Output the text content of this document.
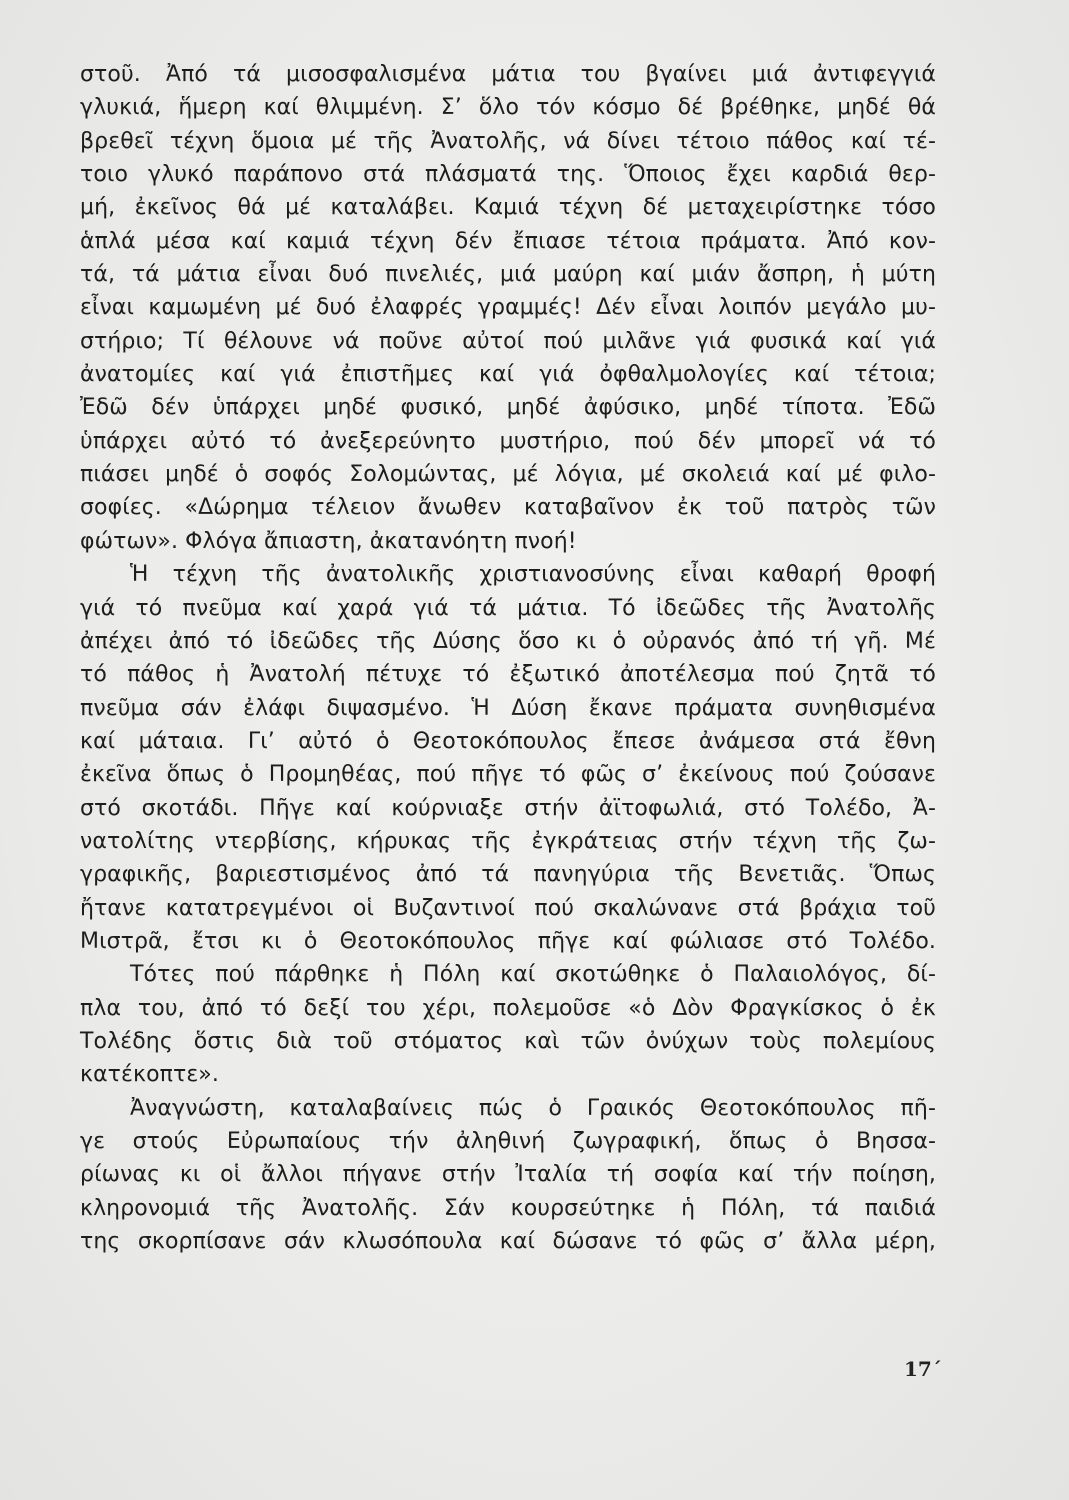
στοῦ. Ἀπό τά μισοσφαλισμένα μάτια του βγαίνει μιά ἀντιφεγγιά
γλυκιά, ἥμερη καί θλιμμένη. Σ’ ὅλο τόν κόσμο δέ βρέθηκε, μηδέ θά
βρεθεῖ τέχνη ὅμοια μέ τῆς Ἀνατολῆς, νά δίνει τέτοιο πάθος καί τέ-
τοιο γλυκό παράπονο στά πλάσματά της. Ὅποιος ἔχει καρδιά θερ-
μή, ἐκεῖνος θά μέ καταλάβει. Καμιά τέχνη δέ μεταχειρίστηκε τόσο
ἁπλά μέσα καί καμιά τέχνη δέν ἔπιασε τέτοια πράματα. Ἀπό κον-
τά, τά μάτια εἶναι δυό πινελιές, μιά μαύρη καί μιάν ἄσπρη, ἡ μύτη
εἶναι καμωμένη μέ δυό ἐλαφρές γραμμές! Δέν εἶναι λοιπόν μεγάλο μυ-
στήριο; Τί θέλουνε νά ποῦνε αὐτοί πού μιλᾶνε γιά φυσικά καί γιά
ἀνατομίες καί γιά ἐπιστῆμες καί γιά ὀφθαλμολογίες καί τέτοια;
Ἐδῶ δέν ὑπάρχει μηδέ φυσικό, μηδέ ἀφύσικο, μηδέ τίποτα. Ἐδῶ
ὑπάρχει αὐτό τό ἀνεξερεύνητο μυστήριο, πού δέν μπορεῖ νά τό
πιάσει μηδέ ὁ σοφός Σολομώντας, μέ λόγια, μέ σκολειά καί μέ φιλο-
σοφίες. «Δώρημα τέλειον ἄνωθεν καταβαῖνον ἐκ τοῦ πατρὸς τῶν
φώτων». Φλόγα ἄπιαστη, ἀκατανόητη πνοή!
Ἡ τέχνη τῆς ἀνατολικῆς χριστιανοσύνης εἶναι καθαρή θροφή
γιά τό πνεῦμα καί χαρά γιά τά μάτια. Τό ἰδεῶδες τῆς Ἀνατολῆς
ἀπέχει ἀπό τό ἰδεῶδες τῆς Δύσης ὅσο κι ὁ οὐρανός ἀπό τή γῆ. Μέ
τό πάθος ἡ Ἀνατολή πέτυχε τό ἐξωτικό ἀποτέλεσμα πού ζητᾶ τό
πνεῦμα σάν ἐλάφι διψασμένο. Ἡ Δύση ἔκανε πράματα συνηθισμένα
καί μάταια. Γι’ αὐτό ὁ Θεοτοκόπουλος ἔπεσε ἀνάμεσα στά ἔθνη
ἐκεῖνα ὅπως ὁ Προμηθέας, πού πῆγε τό φῶς σ’ ἐκείνους πού ζούσανε
στό σκοτάδι. Πῆγε καί κούρνιαξε στήν ἀϊτοφωλιά, στό Τολέδο, Ἀ-
νατολίτης ντερβίσης, κήρυκας τῆς ἐγκράτειας στήν τέχνη τῆς ζω-
γραφικῆς, βαριεστισμένος ἀπό τά πανηγύρια τῆς Βενετιᾶς. Ὅπως
ἤτανε κατατρεγμένοι οἱ Βυζαντινοί πού σκαλώνανε στά βράχια τοῦ
Μιστρᾶ, ἔτσι κι ὁ Θεοτοκόπουλος πῆγε καί φώλιασε στό Τολέδο.
Τότες πού πάρθηκε ἡ Πόλη καί σκοτώθηκε ὁ Παλαιολόγος, δί-
πλα του, ἀπό τό δεξί του χέρι, πολεμοῦσε «ὁ Δὸν Φραγκίσκος ὁ ἐκ
Τολέδης ὅστις διὰ τοῦ στόματος καὶ τῶν ὀνύχων τοὺς πολεμίους
κατέκοπτε».
Ἀναγνώστη, καταλαβαίνεις πώς ὁ Γραικός Θεοτοκόπουλος πῆ-
γε στούς Εὐρωπαίους τήν ἀληθινή ζωγραφική, ὅπως ὁ Βησσα-
ρίωνας κι οἱ ἄλλοι πήγανε στήν Ἰταλία τή σοφία καί τήν ποίηση,
κληρονομιά τῆς Ἀνατολῆς. Σάν κουρσεύτηκε ἡ Πόλη, τά παιδιά
της σκορπίσανε σάν κλωσόπουλα καί δώσανε τό φῶς σ’ ἄλλα μέρη,
17΄
